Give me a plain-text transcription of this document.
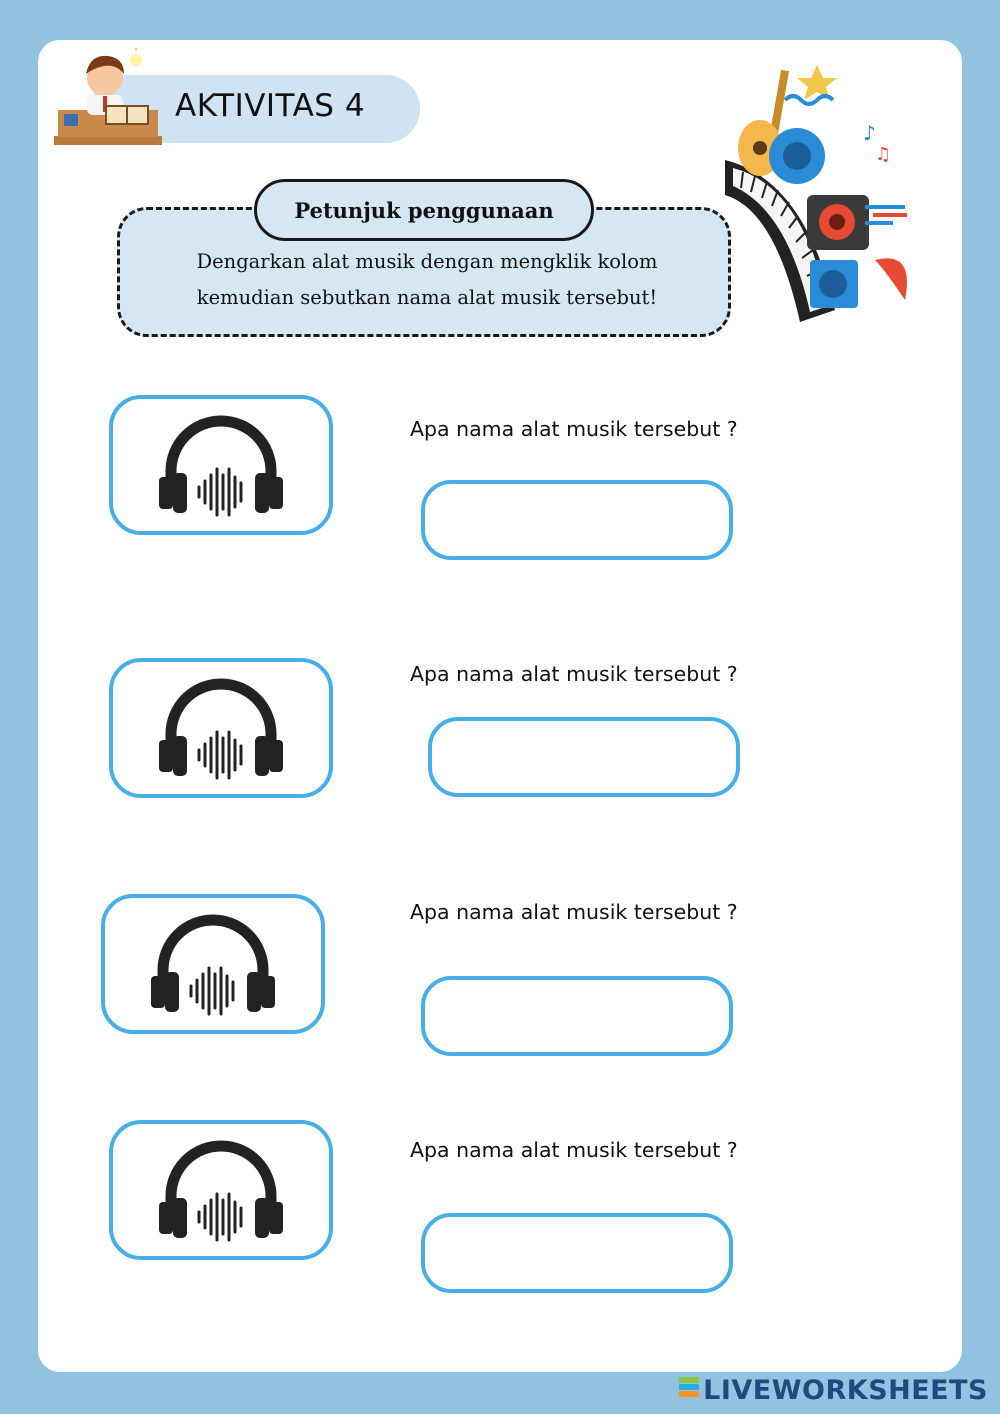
AKTIVITAS 4
♪
♫
Petunjuk penggunaan
Dengarkan alat musik dengan mengklik kolom
kemudian sebutkan nama alat musik tersebut!
Apa nama alat musik tersebut ?
Apa nama alat musik tersebut ?
Apa nama alat musik tersebut ?
Apa nama alat musik tersebut ?
LIVEWORKSHEETS
